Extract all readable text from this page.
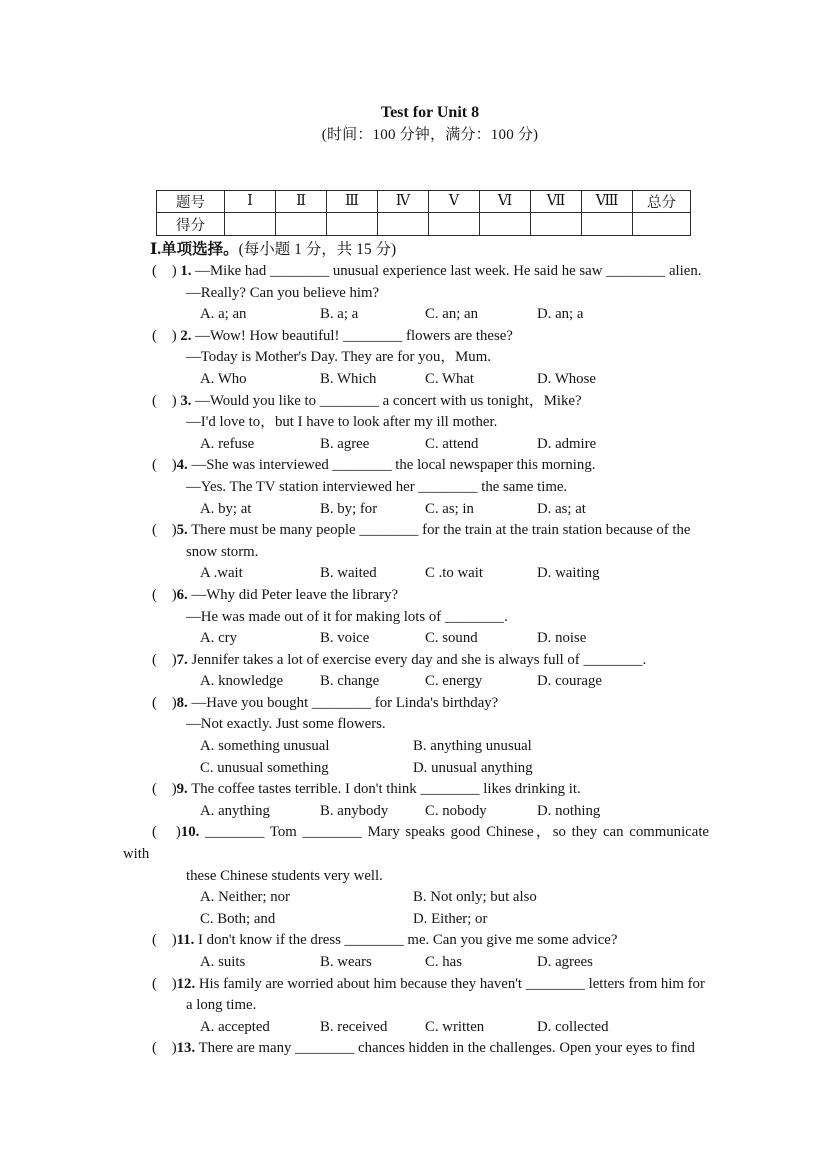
Test for Unit 8
(时间：100 分钟，满分：100 分)
题号	Ⅰ	Ⅱ	Ⅲ	Ⅳ	Ⅴ	Ⅵ	Ⅶ	Ⅷ	总分
得分									
Ⅰ.单项选择。(每小题 1 分，共 15 分)
(　) 1. —Mike had ________ unusual experience last week. He said he saw ________ alien.
—Really? Can you believe him?
A. a; an	B. a; a	C. an; an	D. an; a
(　) 2. —Wow! How beautiful! ________ flowers are these?
—Today is Mother's Day. They are for you，Mum.
A. Who	B. Which	C. What	D. Whose
(　) 3. —Would you like to ________ a concert with us tonight，Mike?
—I'd love to，but I have to look after my ill mother.
A. refuse	B. agree	C. attend	D. admire
(　)4. —She was interviewed ________ the local newspaper this morning.
—Yes. The TV station interviewed her ________ the same time.
A. by; at	B. by; for	C. as; in	D. as; at
(　)5. There must be many people ________ for the train at the train station because of the
snow storm.
A .wait	B. waited	C .to wait	D. waiting
(　)6. —Why did Peter leave the library?
—He was made out of it for making lots of ________.
A. cry	B. voice	C. sound	D. noise
(　)7. Jennifer takes a lot of exercise every day and she is always full of ________.
A. knowledge	B. change	C. energy	D. courage
(　)8. —Have you bought ________ for Linda's birthday?
—Not exactly. Just some flowers.
A. something unusual	B. anything unusual
C. unusual something	D. unusual anything
(　)9. The coffee tastes terrible. I don't think ________ likes drinking it.
A. anything	B. anybody	C. nobody	D. nothing
(　)10. ________ Tom ________ Mary speaks good Chinese，so they can communicate
with
these Chinese students very well.
A. Neither; nor	B. Not only; but also
C. Both; and	D. Either; or
(　)11. I don't know if the dress ________ me. Can you give me some advice?
A. suits	B. wears	C. has	D. agrees
(　)12. His family are worried about him because they haven't ________ letters from him for
a long time.
A. accepted	B. received	C. written	D. collected
(　)13. There are many ________ chances hidden in the challenges. Open your eyes to find
